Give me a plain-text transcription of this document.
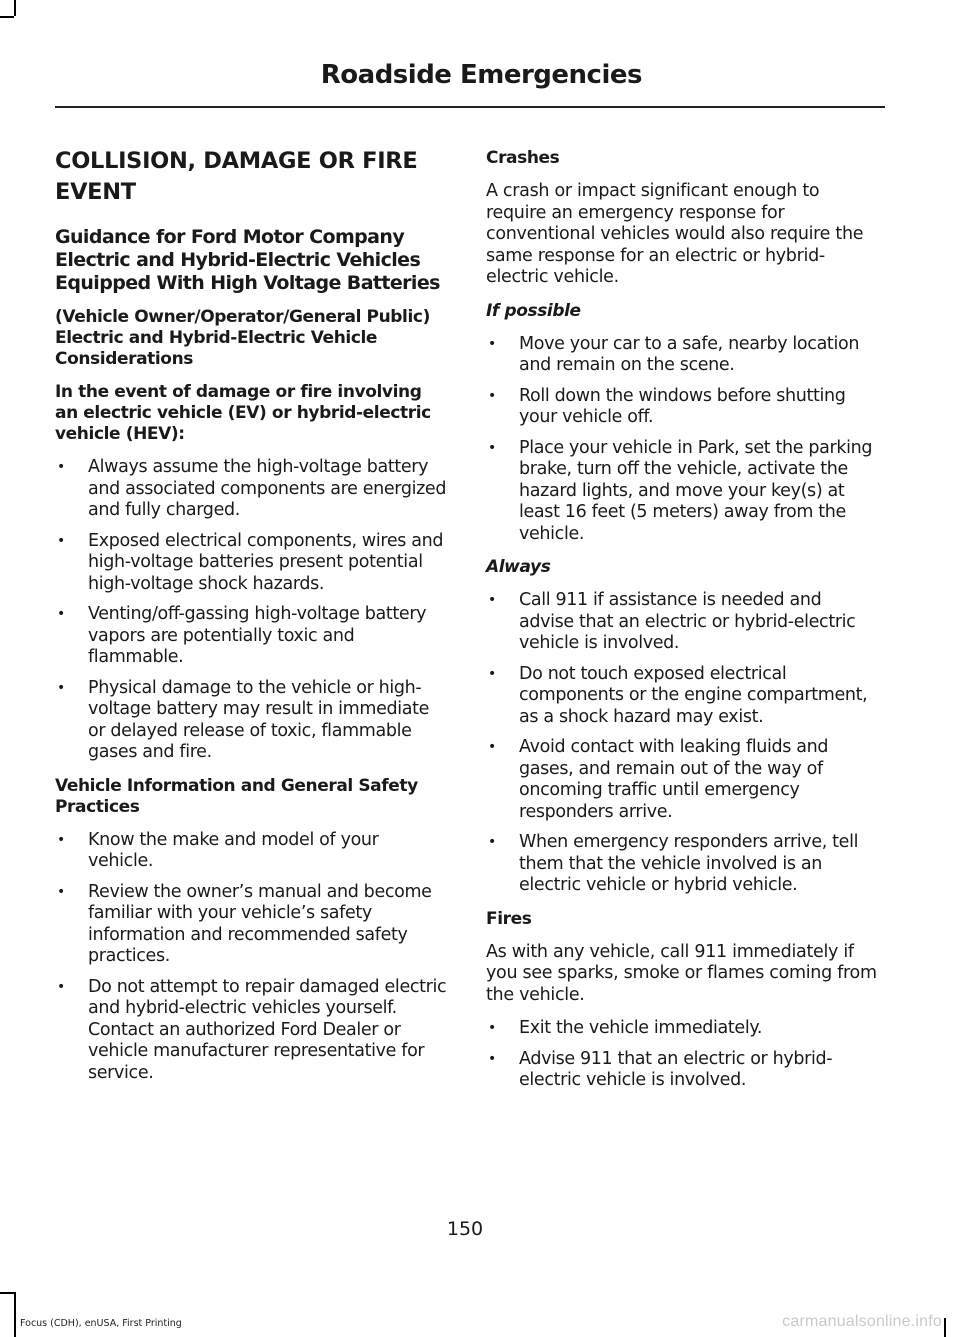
Roadside Emergencies
COLLISION, DAMAGE OR FIRE EVENT
Guidance for Ford Motor Company Electric and Hybrid-Electric Vehicles Equipped With High Voltage Batteries
(Vehicle Owner/Operator/General Public)
Electric and Hybrid-Electric Vehicle Considerations
In the event of damage or fire involving an electric vehicle (EV) or hybrid-electric vehicle (HEV):
• Always assume the high-voltage battery and associated components are energized and fully charged.
• Exposed electrical components, wires and high-voltage batteries present potential high-voltage shock hazards.
• Venting/off-gassing high-voltage battery vapors are potentially toxic and flammable.
• Physical damage to the vehicle or high-voltage battery may result in immediate or delayed release of toxic, flammable gases and fire.
Vehicle Information and General Safety Practices
• Know the make and model of your vehicle.
• Review the owner’s manual and become familiar with your vehicle’s safety information and recommended safety practices.
• Do not attempt to repair damaged electric and hybrid-electric vehicles yourself. Contact an authorized Ford Dealer or vehicle manufacturer representative for service.
Crashes
A crash or impact significant enough to require an emergency response for conventional vehicles would also require the same response for an electric or hybrid-electric vehicle.
If possible
• Move your car to a safe, nearby location and remain on the scene.
• Roll down the windows before shutting your vehicle off.
• Place your vehicle in Park, set the parking brake, turn off the vehicle, activate the hazard lights, and move your key(s) at least 16 feet (5 meters) away from the vehicle.
Always
• Call 911 if assistance is needed and advise that an electric or hybrid-electric vehicle is involved.
• Do not touch exposed electrical components or the engine compartment, as a shock hazard may exist.
• Avoid contact with leaking fluids and gases, and remain out of the way of oncoming traffic until emergency responders arrive.
• When emergency responders arrive, tell them that the vehicle involved is an electric vehicle or hybrid vehicle.
Fires
As with any vehicle, call 911 immediately if you see sparks, smoke or flames coming from the vehicle.
• Exit the vehicle immediately.
• Advise 911 that an electric or hybrid-electric vehicle is involved.
150
Focus (CDH), enUSA, First Printing	carmanualsonline.info
